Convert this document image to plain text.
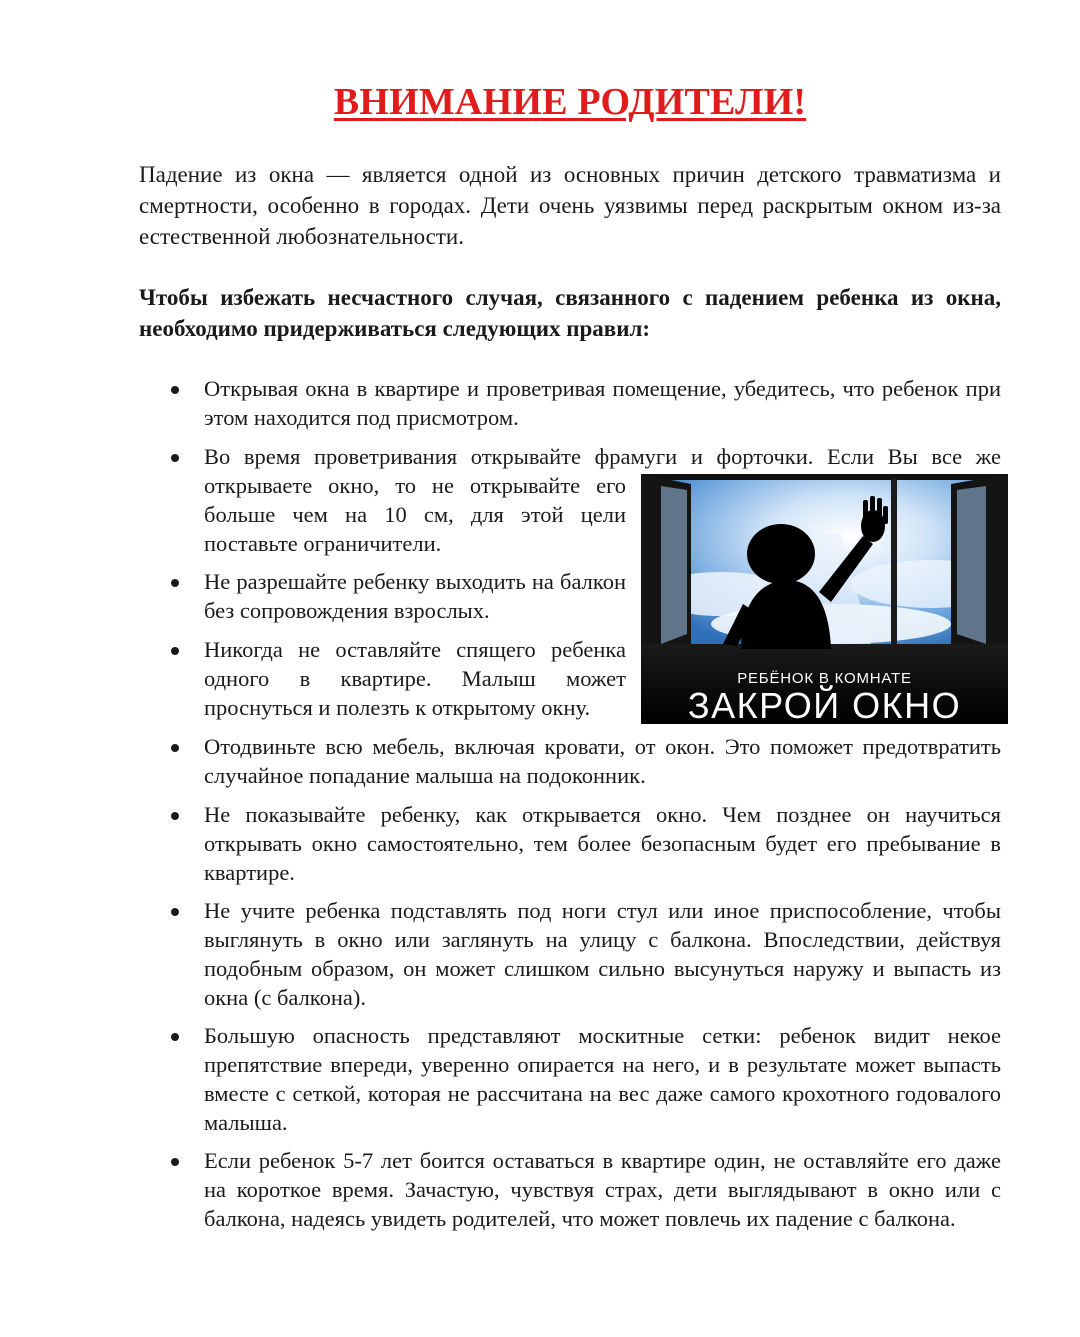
ВНИМАНИЕ РОДИТЕЛИ!

Падение из окна — является одной из основных причин детского травматизма и смертности, особенно в городах. Дети очень уязвимы перед раскрытым окном из-за естественной любознательности.

Чтобы избежать несчастного случая, связанного с падением ребенка из окна, необходимо придерживаться следующих правил:

Открывая окна в квартире и проветривая помещение, убедитесь, что ребенок при этом находится под присмотром.
Во время проветривания открывайте фрамуги и форточки. Если Вы все же
открываете окно, то не открывайте его больше чем на 10 см, для этой цели поставьте ограничители.
Не разрешайте ребенку выходить на балкон без сопровождения взрослых.
Никогда не оставляйте спящего ребенка одного в квартире. Малыш может проснуться и полезть к открытому окну.
Отодвиньте всю мебель, включая кровати, от окон. Это поможет предотвратить случайное попадание малыша на подоконник.
Не показывайте ребенку, как открывается окно. Чем позднее он научиться открывать окно самостоятельно, тем более безопасным будет его пребывание в квартире.
Не учите ребенка подставлять под ноги стул или иное приспособление, чтобы выглянуть в окно или заглянуть на улицу с балкона. Впоследствии, действуя подобным образом, он может слишком сильно высунуться наружу и выпасть из окна (с балкона).
Большую опасность представляют москитные сетки: ребенок видит некое препятствие впереди, уверенно опирается на него, и в результате может выпасть вместе с сеткой, которая не рассчитана на вес даже самого крохотного годовалого малыша.
Если ребенок 5-7 лет боится оставаться в квартире один, не оставляйте его даже на короткое время. Зачастую, чувствуя страх, дети выглядывают в окно или с балкона, надеясь увидеть родителей, что может повлечь их падение с балкона.

РЕБЁНОК В КОМНАТЕ

ЗАКРОЙ ОКНО
